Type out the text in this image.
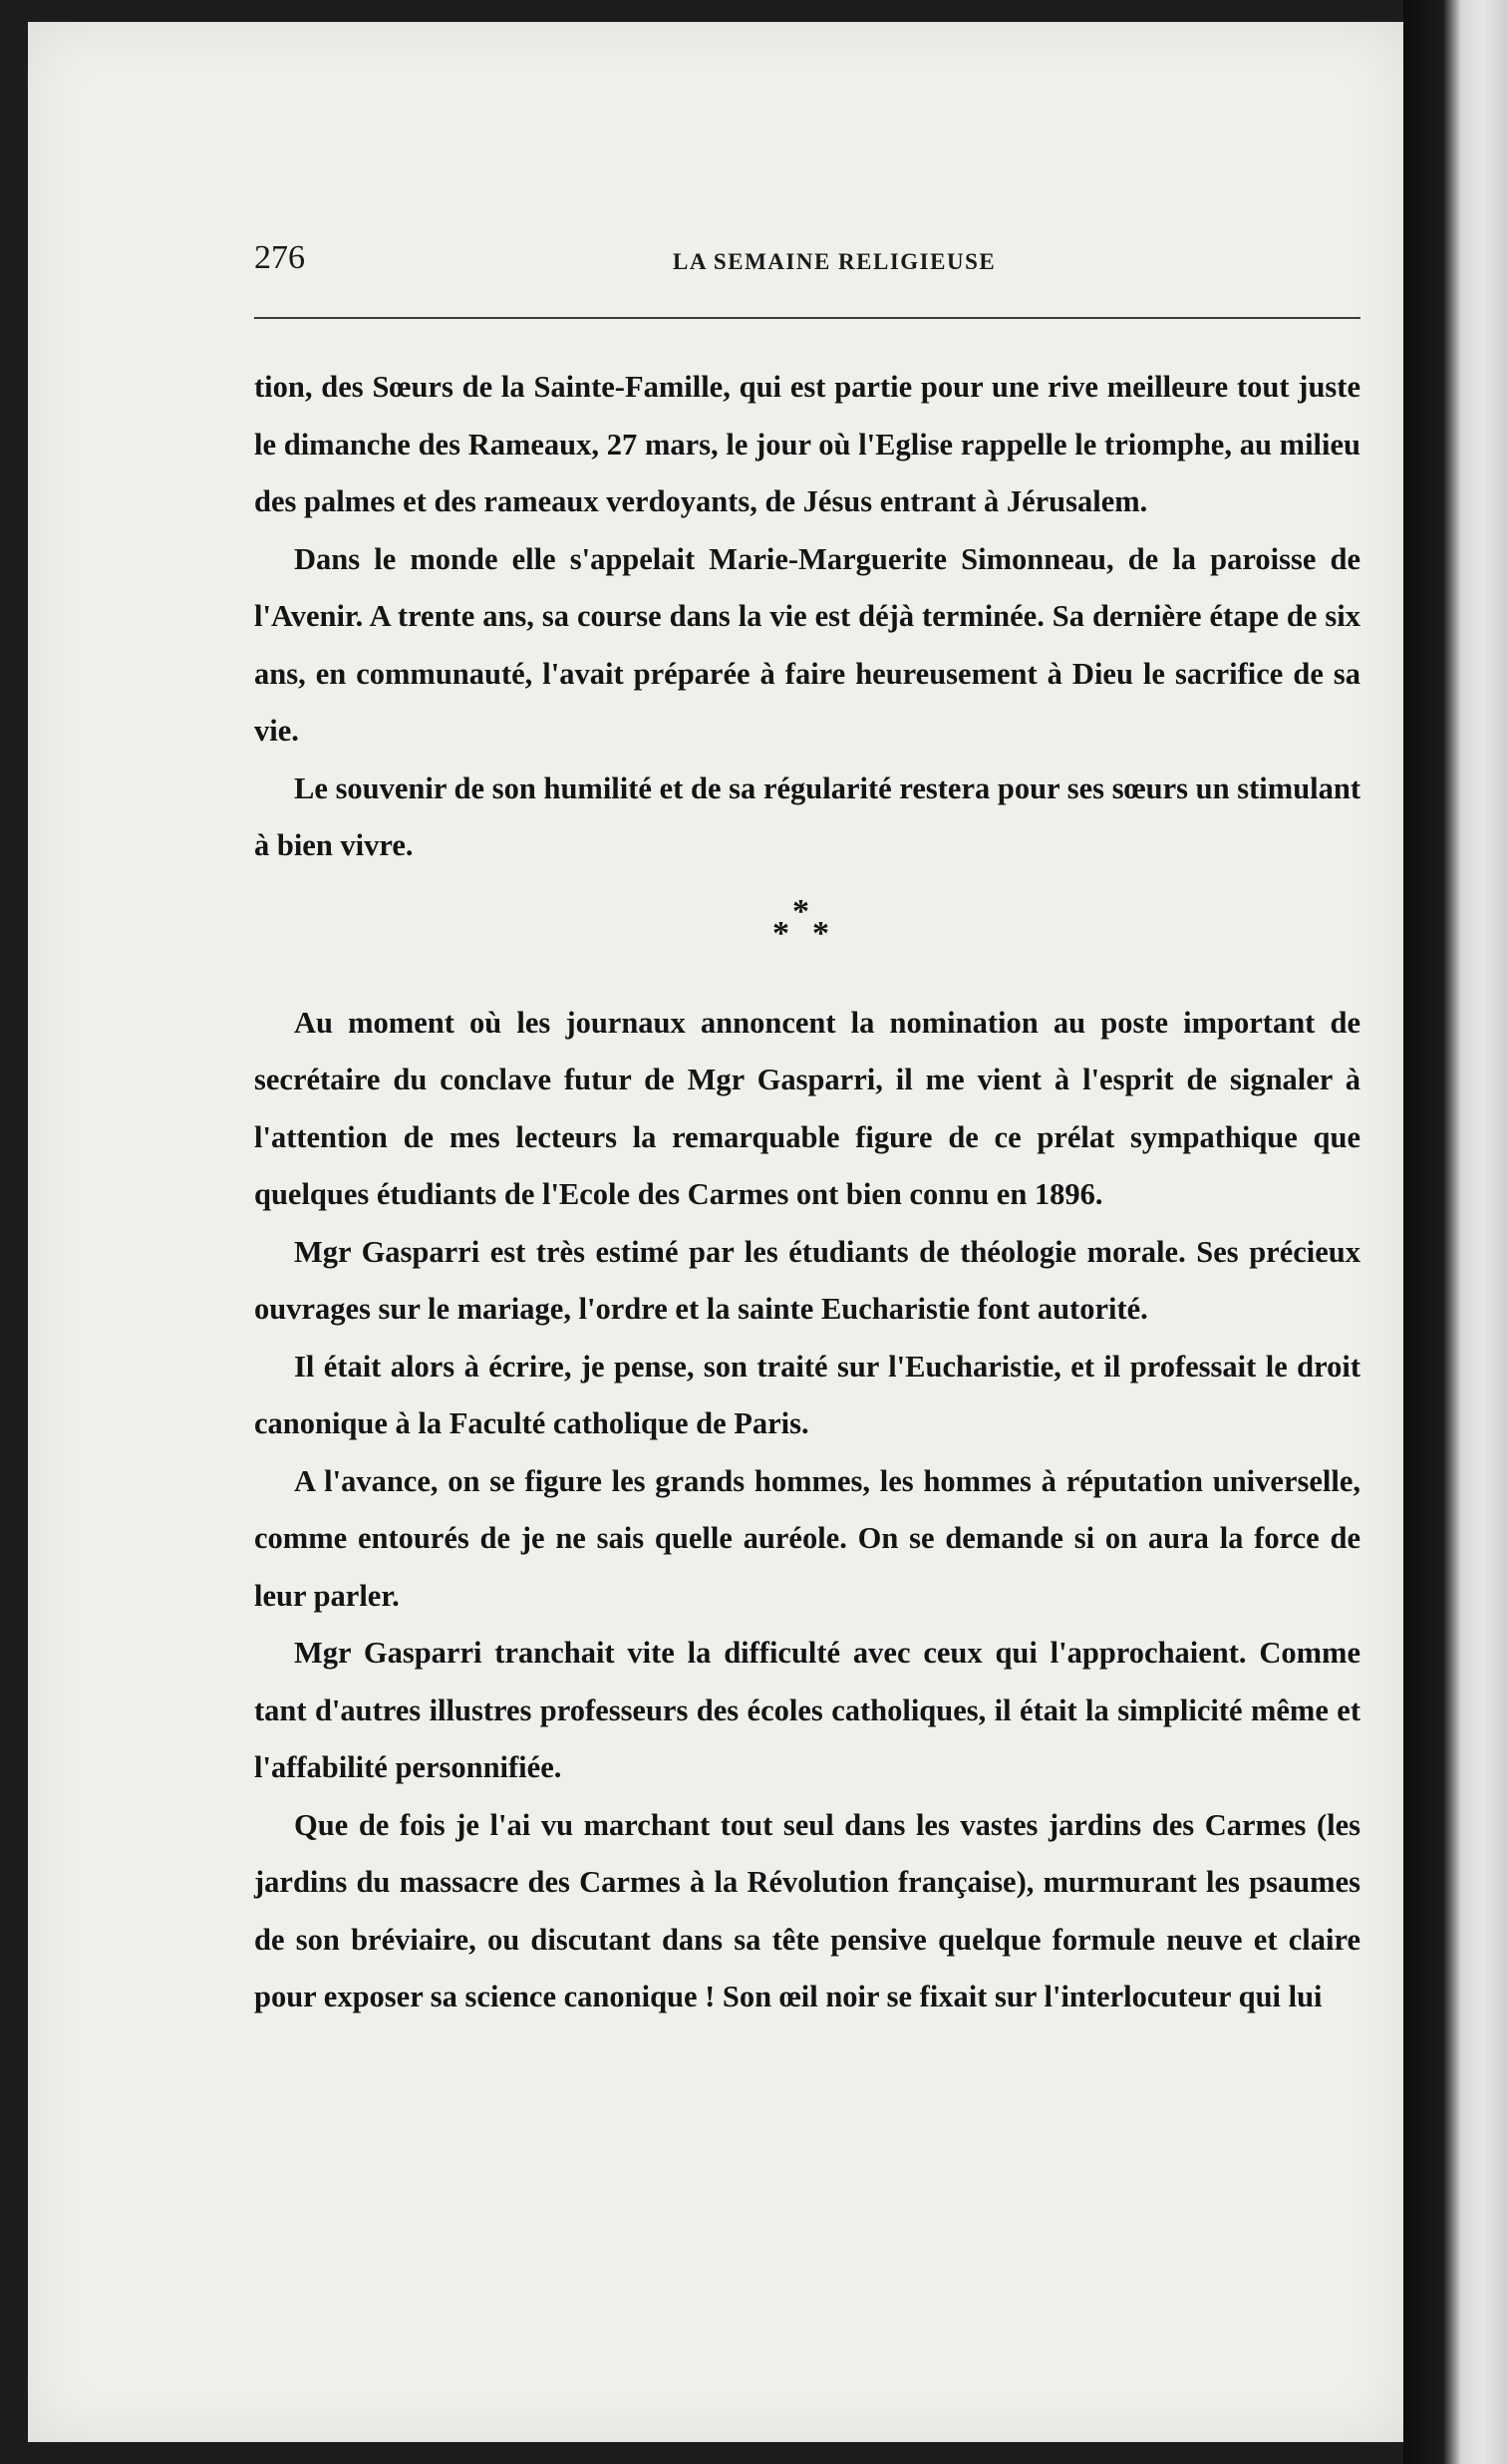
276	LA SEMAINE RELIGIEUSE

tion, des Sœurs de la Sainte-Famille, qui est partie pour une rive meilleure tout juste le dimanche des Rameaux, 27 mars, le jour où l'Eglise rappelle le triomphe, au milieu des palmes et des rameaux verdoyants, de Jésus entrant à Jérusalem.

Dans le monde elle s'appelait Marie-Marguerite Simonneau, de la paroisse de l'Avenir. A trente ans, sa course dans la vie est déjà terminée. Sa dernière étape de six ans, en communauté, l'avait préparée à faire heureusement à Dieu le sacrifice de sa vie.

Le souvenir de son humilité et de sa régularité restera pour ses sœurs un stimulant à bien vivre.

*
* *

Au moment où les journaux annoncent la nomination au poste important de secrétaire du conclave futur de Mgr Gasparri, il me vient à l'esprit de signaler à l'attention de mes lecteurs la remarquable figure de ce prélat sympathique que quelques étudiants de l'Ecole des Carmes ont bien connu en 1896.

Mgr Gasparri est très estimé par les étudiants de théologie morale. Ses précieux ouvrages sur le mariage, l'ordre et la sainte Eucharistie font autorité.

Il était alors à écrire, je pense, son traité sur l'Eucharistie, et il professait le droit canonique à la Faculté catholique de Paris.

A l'avance, on se figure les grands hommes, les hommes à réputation universelle, comme entourés de je ne sais quelle auréole. On se demande si on aura la force de leur parler.

Mgr Gasparri tranchait vite la difficulté avec ceux qui l'approchaient. Comme tant d'autres illustres professeurs des écoles catholiques, il était la simplicité même et l'affabilité personnifiée.

Que de fois je l'ai vu marchant tout seul dans les vastes jardins des Carmes (les jardins du massacre des Carmes à la Révolution française), murmurant les psaumes de son bréviaire, ou discutant dans sa tête pensive quelque formule neuve et claire pour exposer sa science canonique ! Son œil noir se fixait sur l'interlocuteur qui lui
